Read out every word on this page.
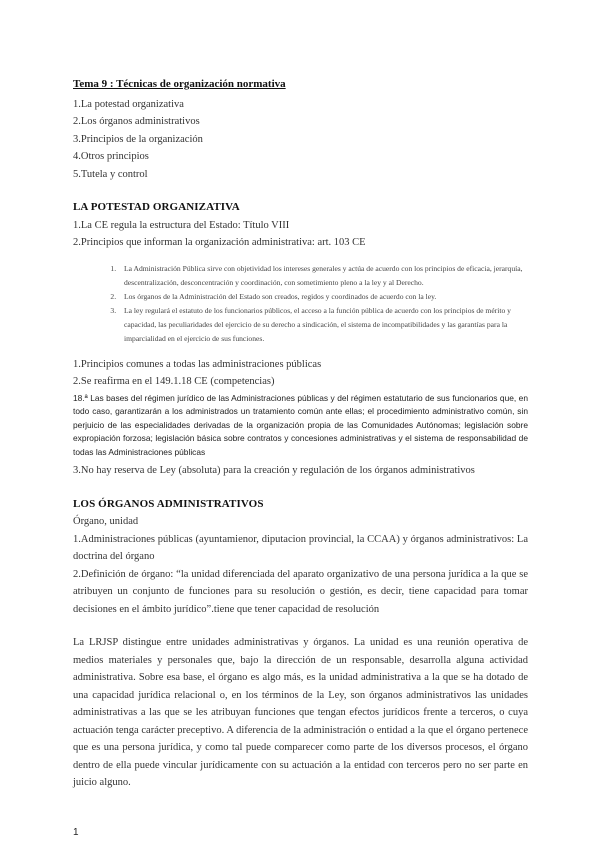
Tema 9 : Técnicas de organización normativa
1.La potestad organizativa
2.Los órganos administrativos
3.Principios de la organización
4.Otros principios
5.Tutela y control
LA POTESTAD ORGANIZATIVA
1.La CE regula la estructura del Estado: Título VIII
2.Principios que informan la organización administrativa: art. 103 CE
1. La Administración Pública sirve con objetividad los intereses generales y actúa de acuerdo con los principios de eficacia, jerarquía, descentralización, desconcentración y coordinación, con sometimiento pleno a la ley y al Derecho.
2. Los órganos de la Administración del Estado son creados, regidos y coordinados de acuerdo con la ley.
3. La ley regulará el estatuto de los funcionarios públicos, el acceso a la función pública de acuerdo con los principios de mérito y capacidad, las peculiaridades del ejercicio de su derecho a sindicación, el sistema de incompatibilidades y las garantías para la imparcialidad en el ejercicio de sus funciones.
1.Principios comunes a todas las administraciones públicas
2.Se reafirma en el 149.1.18 CE (competencias)
18.ª Las bases del régimen jurídico de las Administraciones públicas y del régimen estatutario de sus funcionarios que, en todo caso, garantizarán a los administrados un tratamiento común ante ellas; el procedimiento administrativo común, sin perjuicio de las especialidades derivadas de la organización propia de las Comunidades Autónomas; legislación sobre expropiación forzosa; legislación básica sobre contratos y concesiones administrativas y el sistema de responsabilidad de todas las Administraciones públicas
3.No hay reserva de Ley (absoluta) para la creación y regulación de los órganos administrativos
LOS ÓRGANOS ADMINISTRATIVOS
Órgano, unidad
1.Administraciones públicas (ayuntamienor, diputacion provincial, la CCAA) y órganos administrativos: La doctrina del órgano
2.Definición de órgano: “la unidad diferenciada del aparato organizativo de una persona jurídica a la que se atribuyen un conjunto de funciones para su resolución o gestión, es decir, tiene capacidad para tomar decisiones en el ámbito jurídico”.tiene que tener capacidad de resolución
La LRJSP distingue entre unidades administrativas y órganos. La unidad es una reunión operativa de medios materiales y personales que, bajo la dirección de un responsable, desarrolla alguna actividad administrativa. Sobre esa base, el órgano es algo más, es la unidad administrativa a la que se ha dotado de una capacidad jurídica relacional o, en los términos de la Ley, son órganos administrativos las unidades administrativas a las que se les atribuyan funciones que tengan efectos jurídicos frente a terceros, o cuya actuación tenga carácter preceptivo. A diferencia de la administración o entidad a la que el órgano pertenece que es una persona jurídica, y como tal puede comparecer como parte de los diversos procesos, el órgano dentro de ella puede vincular jurídicamente con su actuación a la entidad con terceros pero no ser parte en juicio alguno.
1
